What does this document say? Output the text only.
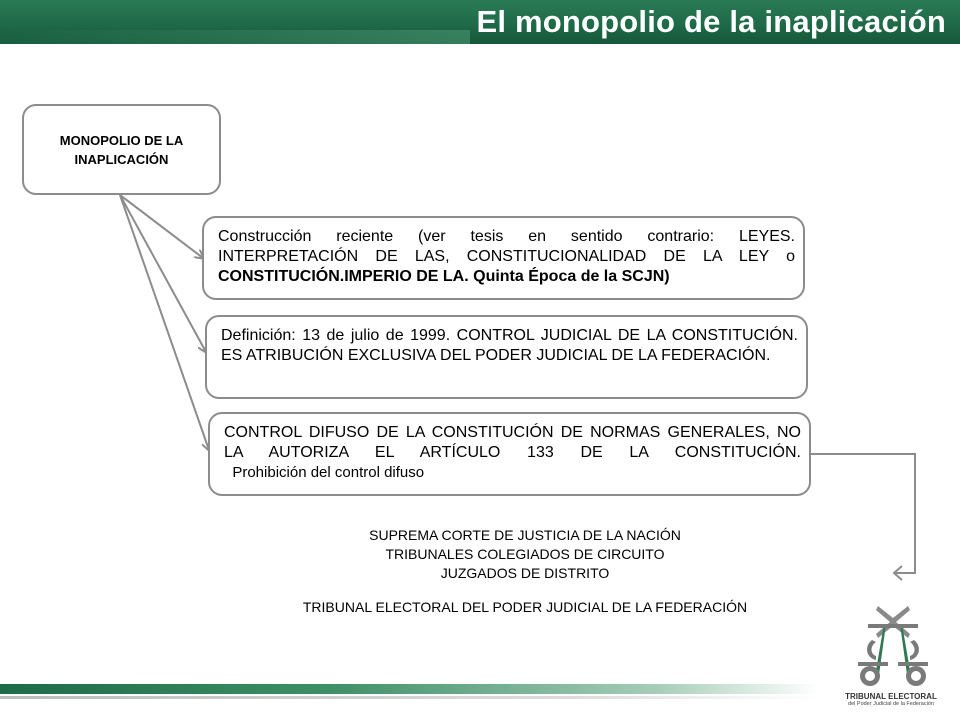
El monopolio de la inaplicación
MONOPOLIO DE LA
INAPLICACIÓN
Construcción reciente (ver tesis en sentido contrario: LEYES. INTERPRETACIÓN DE LAS, CONSTITUCIONALIDAD DE LA LEY o CONSTITUCIÓN.IMPERIO DE LA. Quinta Época de la SCJN)
Definición: 13 de julio de 1999. CONTROL JUDICIAL DE LA CONSTITUCIÓN. ES ATRIBUCIÓN EXCLUSIVA DEL PODER JUDICIAL DE LA FEDERACIÓN.
CONTROL DIFUSO DE LA CONSTITUCIÓN DE NORMAS GENERALES, NO LA AUTORIZA EL ARTÍCULO 133 DE LA CONSTITUCIÓN.  Prohibición del control difuso
SUPREMA CORTE DE JUSTICIA DE LA NACIÓN
TRIBUNALES COLEGIADOS DE CIRCUITO
JUZGADOS DE DISTRITO
TRIBUNAL ELECTORAL DEL PODER JUDICIAL DE LA FEDERACIÓN
TRIBUNAL ELECTORAL
del Poder Judicial de la Federación
